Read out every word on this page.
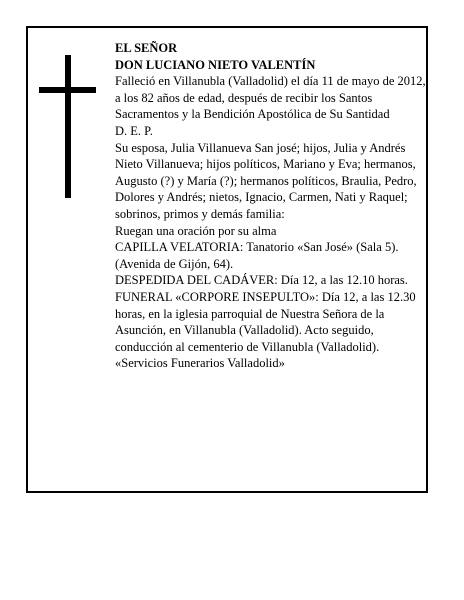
EL SEÑOR

DON LUCIANO NIETO VALENTÍN

Falleció en Villanubla (Valladolid) el día 11 de mayo de 2012, a los 82 años de edad, después de recibir los Santos Sacramentos y la Bendición Apostólica de Su Santidad

D. E. P.

Su esposa, Julia Villanueva San josé; hijos, Julia y Andrés Nieto Villanueva; hijos políticos, Mariano y Eva; hermanos, Augusto (?) y María (?); hermanos políticos, Braulia, Pedro, Dolores y Andrés; nietos, Ignacio, Carmen, Nati y Raquel; sobrinos, primos y demás familia:

Ruegan una oración por su alma

CAPILLA VELATORIA: Tanatorio «San José» (Sala 5). (Avenida de Gijón, 64).

DESPEDIDA DEL CADÁVER: Día 12, a las 12.10 horas.

FUNERAL «CORPORE INSEPULTO»: Día 12, a las 12.30 horas, en la iglesia parroquial de Nuestra Señora de la Asunción, en Villanubla (Valladolid). Acto seguido, conducción al cementerio de Villanubla (Valladolid).

«Servicios Funerarios Valladolid»
